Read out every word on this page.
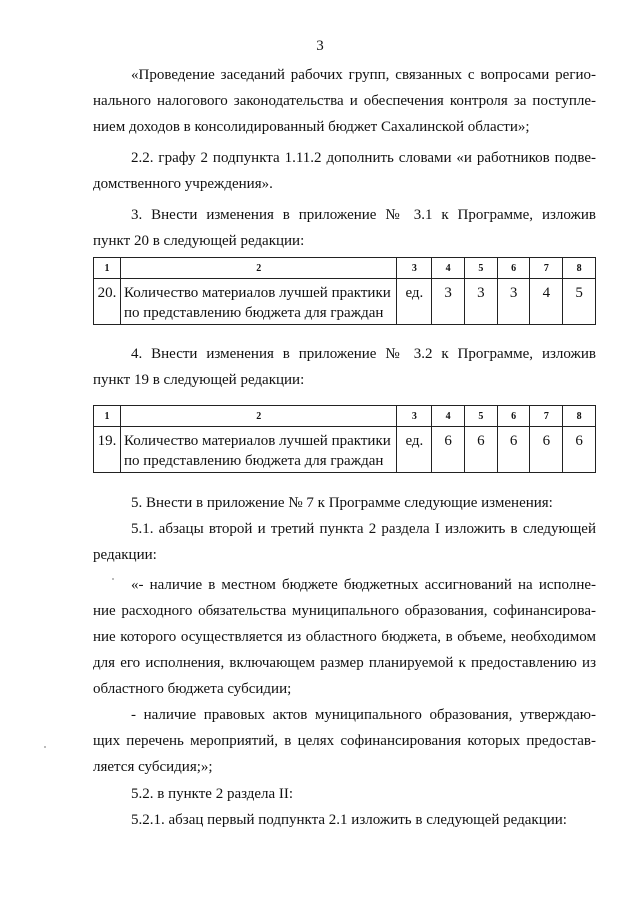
3
«Проведение заседаний рабочих групп, связанных с вопросами регио-
нального налогового законодательства и обеспечения контроля за поступле-
нием доходов в консолидированный бюджет Сахалинской области»;
2.2. графу 2 подпункта 1.11.2 дополнить словами «и работников подве-
домственного учреждения».
3. Внести изменения в приложение № 3.1 к Программе, изложив
пункт 20 в следующей редакции:
1	2	3	4	5	6	7	8
20.	Количество материалов лучшей практики по представлению бюджета для граждан	ед.	3	3	3	4	5
4. Внести изменения в приложение № 3.2 к Программе, изложив
пункт 19 в следующей редакции:
1	2	3	4	5	6	7	8
19.	Количество материалов лучшей практики по представлению бюджета для граждан	ед.	6	6	6	6	6
5. Внести в приложение № 7 к Программе следующие изменения:
5.1. абзацы второй и третий пункта 2 раздела I изложить в следующей
редакции:
«- наличие в местном бюджете бюджетных ассигнований на исполне-
ние расходного обязательства муниципального образования, софинансирова-
ние которого осуществляется из областного бюджета, в объеме, необходимом
для его исполнения, включающем размер планируемой к предоставлению из
областного бюджета субсидии;
- наличие правовых актов муниципального образования, утверждаю-
щих перечень мероприятий, в целях софинансирования которых предостав-
ляется субсидия;»;
5.2. в пункте 2 раздела II:
5.2.1. абзац первый подпункта 2.1 изложить в следующей редакции:
